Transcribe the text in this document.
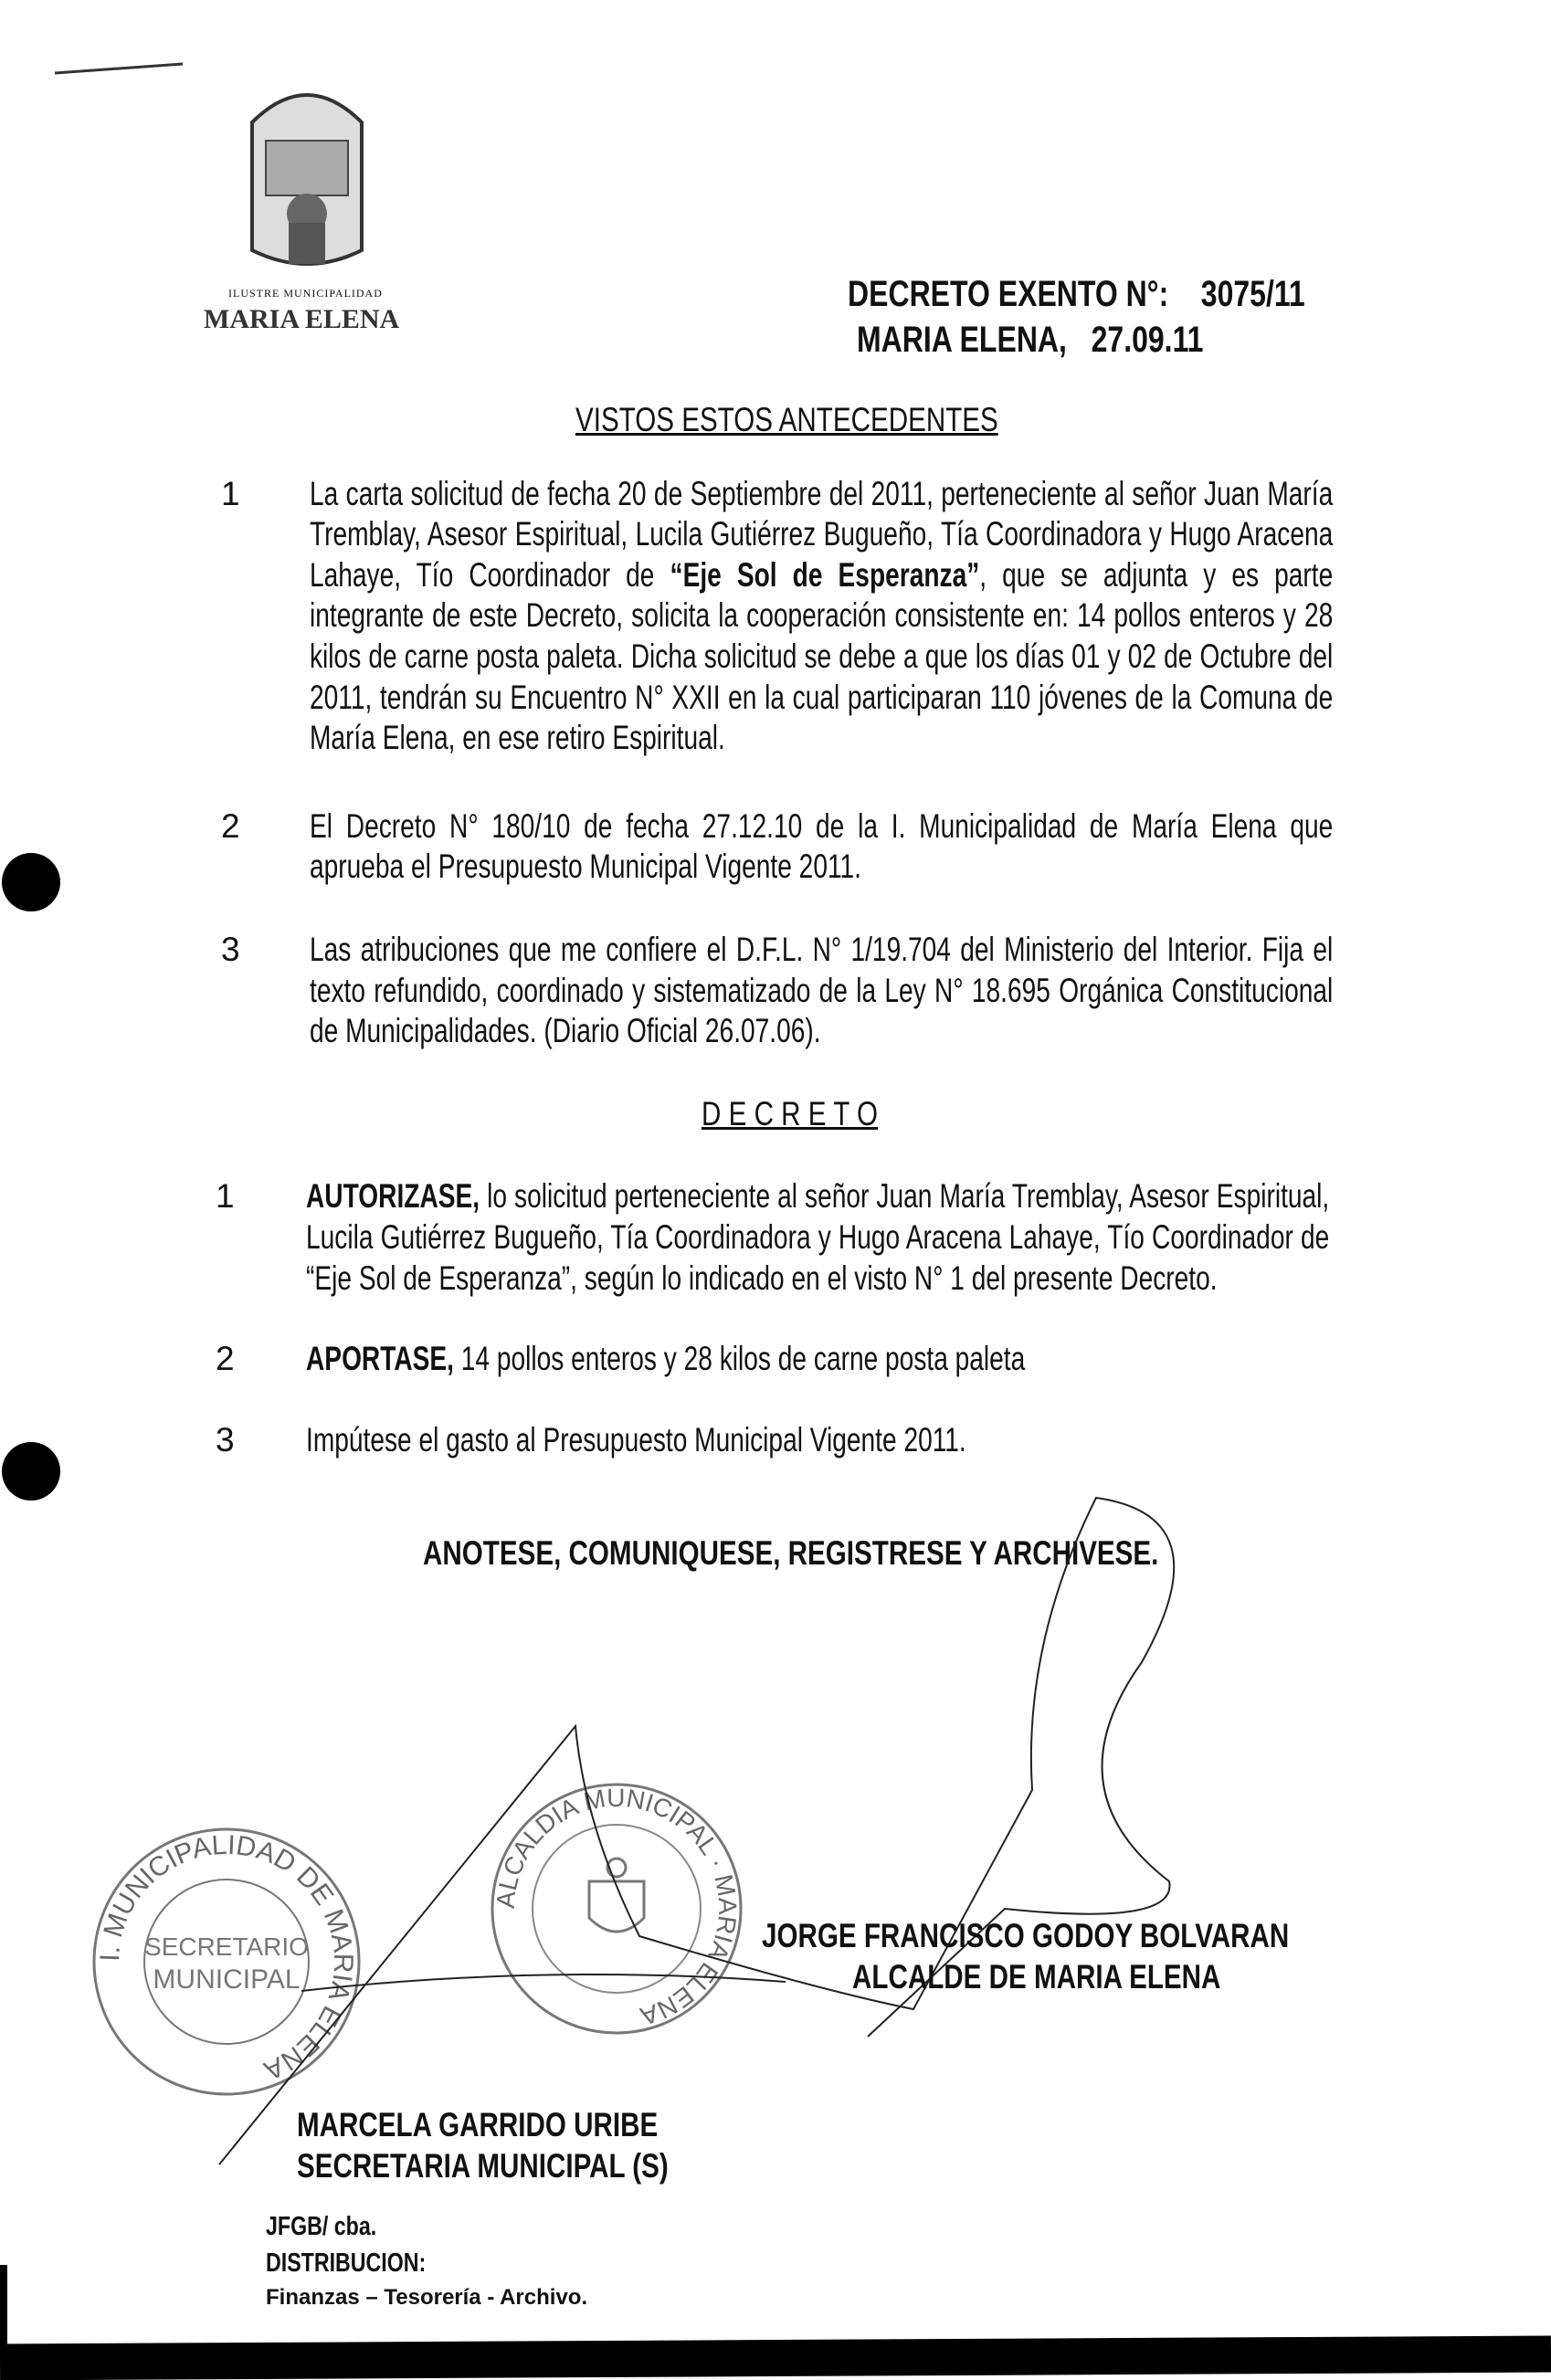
ILUSTRE MUNICIPALIDAD
MARIA ELENA
DECRETO EXENTO N°: 3075/11
MARIA ELENA, 27.09.11
VISTOS ESTOS ANTECEDENTES
1	La carta solicitud de fecha 20 de Septiembre del 2011, perteneciente al señor Juan María Tremblay, Asesor Espiritual, Lucila Gutiérrez Bugueño, Tía Coordinadora y Hugo Aracena Lahaye, Tío Coordinador de “Eje Sol de Esperanza”, que se adjunta y es parte integrante de este Decreto, solicita la cooperación consistente en: 14 pollos enteros y 28 kilos de carne posta paleta. Dicha solicitud se debe a que los días 01 y 02 de Octubre del 2011, tendrán su Encuentro N° XXII en la cual participaran 110 jóvenes de la Comuna de María Elena, en ese retiro Espiritual.
2	El Decreto N° 180/10 de fecha 27.12.10 de la I. Municipalidad de María Elena que aprueba el Presupuesto Municipal Vigente 2011.
3	Las atribuciones que me confiere el D.F.L. N° 1/19.704 del Ministerio del Interior. Fija el texto refundido, coordinado y sistematizado de la Ley N° 18.695 Orgánica Constitucional de Municipalidades. (Diario Oficial 26.07.06).
D E C R E T O
1	AUTORIZASE, lo solicitud perteneciente al señor Juan María Tremblay, Asesor Espiritual, Lucila Gutiérrez Bugueño, Tía Coordinadora y Hugo Aracena Lahaye, Tío Coordinador de “Eje Sol de Esperanza”, según lo indicado en el visto N° 1 del presente Decreto.
2	APORTASE, 14 pollos enteros y 28 kilos de carne posta paleta
3	Impútese el gasto al Presupuesto Municipal Vigente 2011.
ANOTESE, COMUNIQUESE, REGISTRESE Y ARCHIVESE.
I. MUNICIPALIDAD DE MARIA ELENA
SECRETARIO
MUNICIPAL
ALCALDIA MUNICIPAL · MARIA ELENA
JORGE FRANCISCO GODOY BOLVARAN
ALCALDE DE MARIA ELENA
MARCELA GARRIDO URIBE
SECRETARIA MUNICIPAL (S)
JFGB/ cba.
DISTRIBUCION:
Finanzas – Tesorería - Archivo.
